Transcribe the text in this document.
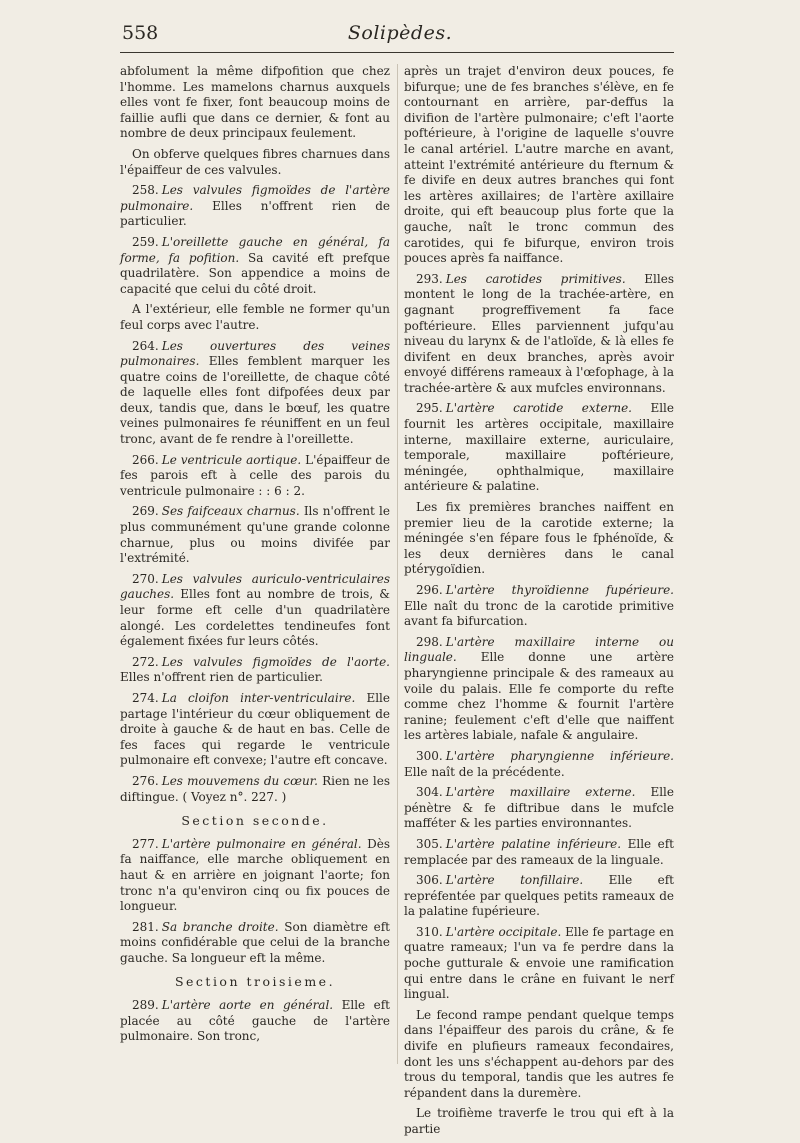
558	Solipèdes.

abfolument la même difpofition que chez l'homme. Les mamelons charnus auxquels elles vont fe fixer, font beaucoup moins de faillie aufli que dans ce dernier, & font au nombre de deux principaux feulement.

On obferve quelques fibres charnues dans l'épaiffeur de ces valvules.

258. Les valvules figmoïdes de l'artère pulmonaire. Elles n'offrent rien de particulier.

259. L'oreillette gauche en général, fa forme, fa pofition. Sa cavité eft prefque quadrilatère. Son appendice a moins de capacité que celui du côté droit.

A l'extérieur, elle femble ne former qu'un feul corps avec l'autre.

264. Les ouvertures des veines pulmonaires. Elles femblent marquer les quatre coins de l'oreillette, de chaque côté de laquelle elles font difpofées deux par deux, tandis que, dans le bœuf, les quatre veines pulmonaires fe réuniffent en un feul tronc, avant de fe rendre à l'oreillette.

266. Le ventricule aortique. L'épaiffeur de fes parois eft à celle des parois du ventricule pulmonaire : : 6 : 2.

269. Ses faifceaux charnus. Ils n'offrent le plus communément qu'une grande colonne charnue, plus ou moins divifée par l'extrémité.

270. Les valvules auriculo-ventriculaires gauches. Elles font au nombre de trois, & leur forme eft celle d'un quadrilatère alongé. Les cordelettes tendineufes font également fixées fur leurs côtés.

272. Les valvules figmoïdes de l'aorte. Elles n'offrent rien de particulier.

274. La cloifon inter-ventriculaire. Elle partage l'intérieur du cœur obliquement de droite à gauche & de haut en bas. Celle de fes faces qui regarde le ventricule pulmonaire eft convexe; l'autre eft concave.

276. Les mouvemens du cœur. Rien ne les diftingue. ( Voyez n°. 227. )

Section seconde.

277. L'artère pulmonaire en général. Dès fa naiffance, elle marche obliquement en haut & en arrière en joignant l'aorte; fon tronc n'a qu'environ cinq ou fix pouces de longueur.

281. Sa branche droite. Son diamètre eft moins confidérable que celui de la branche gauche. Sa longueur eft la même.

Section troisieme.

289. L'artère aorte en général. Elle eft placée au côté gauche de l'artère pulmonaire. Son tronc,

après un trajet d'environ deux pouces, fe bifurque; une de fes branches s'élève, en fe contournant en arrière, par-deffus la divifion de l'artère pulmonaire; c'eft l'aorte poftérieure, à l'origine de laquelle s'ouvre le canal artériel. L'autre marche en avant, atteint l'extrémité antérieure du fternum & fe divife en deux autres branches qui font les artères axillaires; de l'artère axillaire droite, qui eft beaucoup plus forte que la gauche, naît le tronc commun des carotides, qui fe bifurque, environ trois pouces après fa naiffance.

293. Les carotides primitives. Elles montent le long de la trachée-artère, en gagnant progreffivement fa face poftérieure. Elles parviennent jufqu'au niveau du larynx & de l'atloïde, & là elles fe divifent en deux branches, après avoir envoyé différens rameaux à l'œfophage, à la trachée-artère & aux mufcles environnans.

295. L'artère carotide externe. Elle fournit les artères occipitale, maxillaire interne, maxillaire externe, auriculaire, temporale, maxillaire poftérieure, méningée, ophthalmique, maxillaire antérieure & palatine.

Les fix premières branches naiffent en premier lieu de la carotide externe; la méningée s'en fépare fous le fphénoïde, & les deux dernières dans le canal ptérygoïdien.

296. L'artère thyroïdienne fupérieure. Elle naît du tronc de la carotide primitive avant fa bifurcation.

298. L'artère maxillaire interne ou linguale. Elle donne une artère pharyngienne principale & des rameaux au voile du palais. Elle fe comporte du refte comme chez l'homme & fournit l'artère ranine; feulement c'eft d'elle que naiffent les artères labiale, nafale & angulaire.

300. L'artère pharyngienne inférieure. Elle naît de la précédente.

304. L'artère maxillaire externe. Elle pénètre & fe diftribue dans le mufcle mafféter & les parties environnantes.

305. L'artère palatine inférieure. Elle eft remplacée par des rameaux de la linguale.

306. L'artère tonfillaire. Elle eft repréfentée par quelques petits rameaux de la palatine fupérieure.

310. L'artère occipitale. Elle fe partage en quatre rameaux; l'un va fe perdre dans la poche gutturale & envoie une ramification qui entre dans le crâne en fuivant le nerf lingual.

Le fecond rampe pendant quelque temps dans l'épaiffeur des parois du crâne, & fe divife en plufieurs rameaux fecondaires, dont les uns s'échappent au-dehors par des trous du temporal, tandis que les autres fe répandent dans la duremère.

Le troifième traverfe le trou qui eft à la partie
